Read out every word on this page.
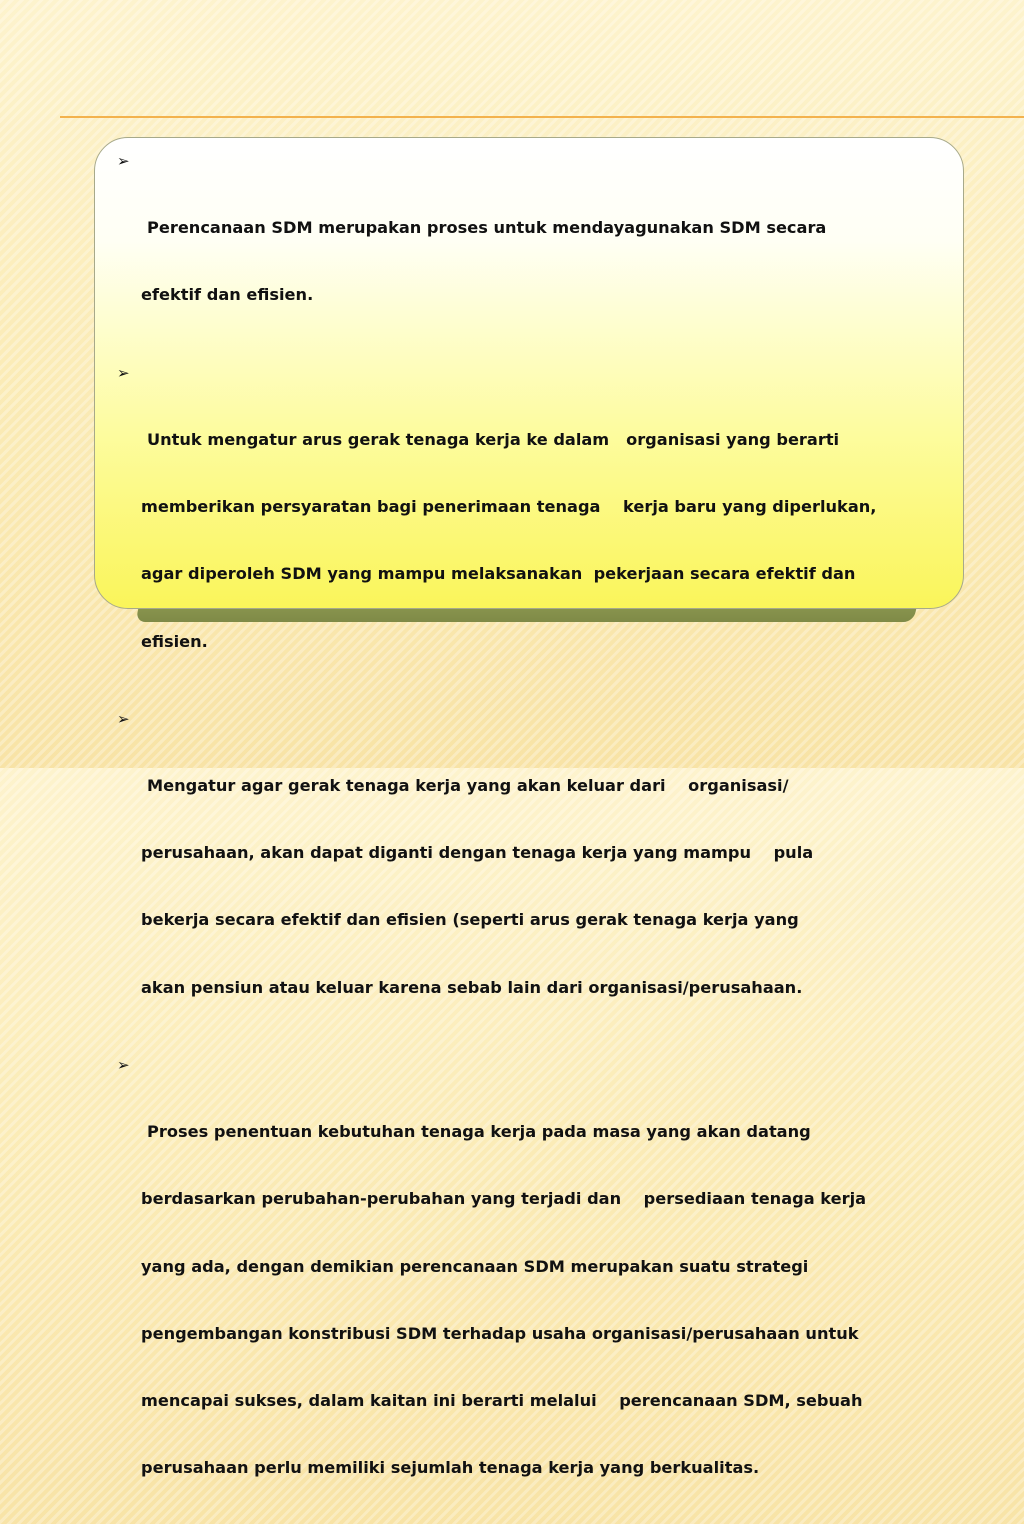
➢

Perencanaan SDM merupakan proses untuk mendayagunakan SDM secara

efektif dan efisien.

➢

Untuk mengatur arus gerak tenaga kerja ke dalam   organisasi yang berarti

memberikan persyaratan bagi penerimaan tenaga    kerja baru yang diperlukan,

agar diperoleh SDM yang mampu melaksanakan  pekerjaan secara efektif dan

efisien.

➢

Mengatur agar gerak tenaga kerja yang akan keluar dari    organisasi/

perusahaan, akan dapat diganti dengan tenaga kerja yang mampu    pula

bekerja secara efektif dan efisien (seperti arus gerak tenaga kerja yang

akan pensiun atau keluar karena sebab lain dari organisasi/perusahaan.

➢

Proses penentuan kebutuhan tenaga kerja pada masa yang akan datang

berdasarkan perubahan-perubahan yang terjadi dan    persediaan tenaga kerja

yang ada, dengan demikian perencanaan SDM merupakan suatu strategi

pengembangan konstribusi SDM terhadap usaha organisasi/perusahaan untuk

mencapai sukses, dalam kaitan ini berarti melalui    perencanaan SDM, sebuah

perusahaan perlu memiliki sejumlah tenaga kerja yang berkualitas.
